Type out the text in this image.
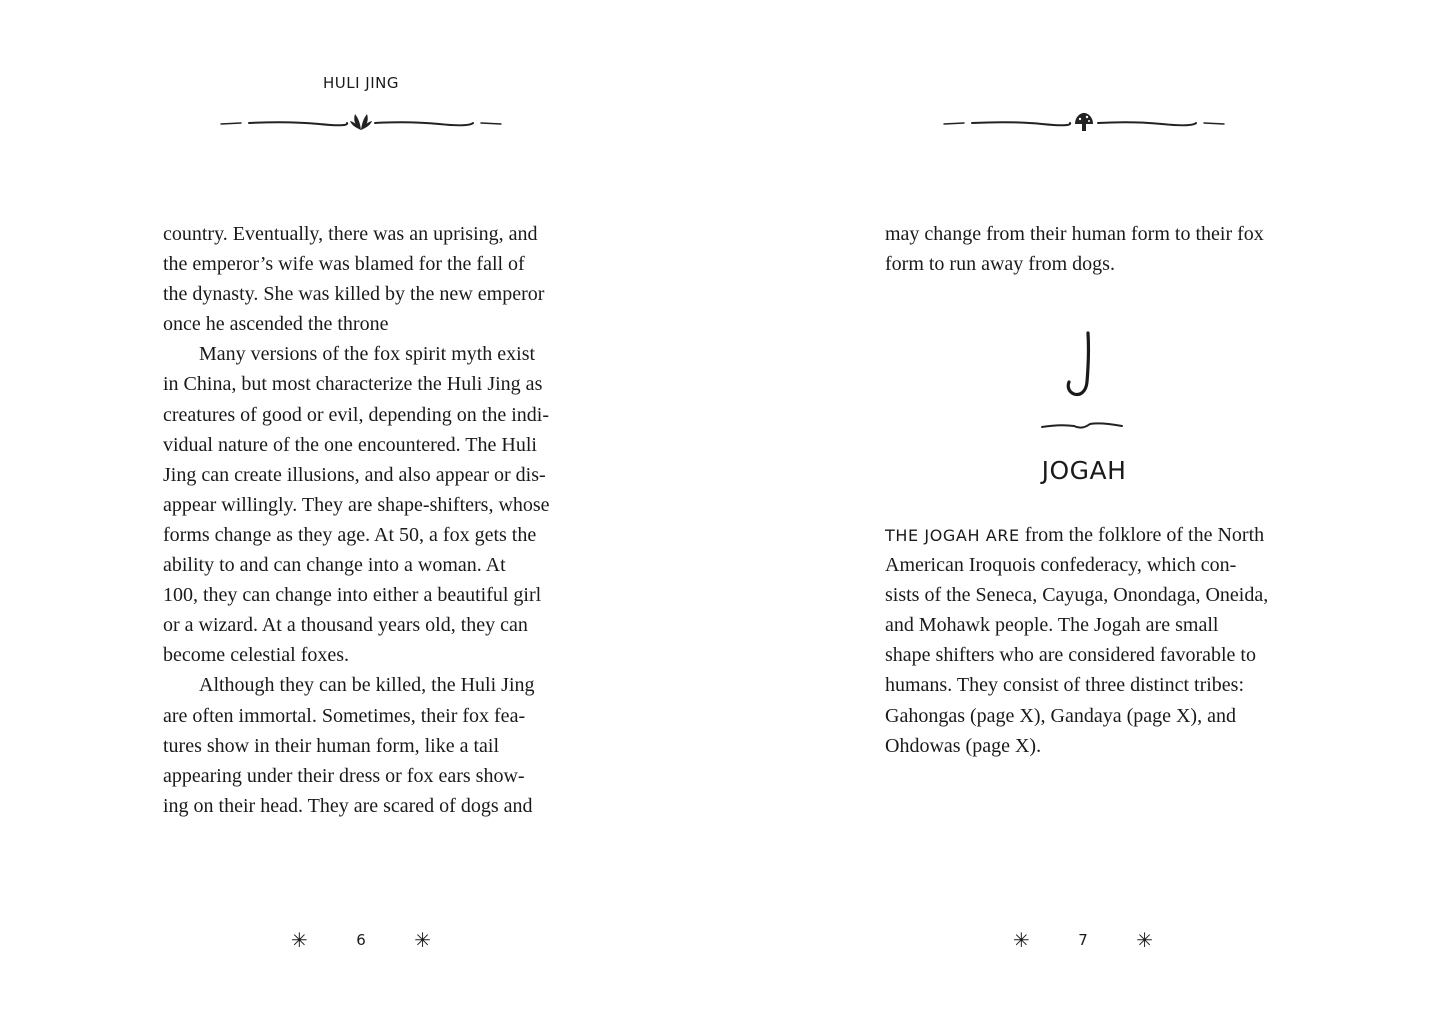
HULI JING
country. Eventually, there was an uprising, and
the emperor’s wife was blamed for the fall of
the dynasty. She was killed by the new emperor
once he ascended the throne
Many versions of the fox spirit myth exist
in China, but most characterize the Huli Jing as
creatures of good or evil, depending on the indi-
vidual nature of the one encountered. The Huli
Jing can create illusions, and also appear or dis-
appear willingly. They are shape-shifters, whose
forms change as they age. At 50, a fox gets the
ability to and can change into a woman. At
100, they can change into either a beautiful girl
or a wizard. At a thousand years old, they can
become celestial foxes.
Although they can be killed, the Huli Jing
are often immortal. Sometimes, their fox fea-
tures show in their human form, like a tail
appearing under their dress or fox ears show-
ing on their head. They are scared of dogs and
✳	6 ✳
may change from their human form to their fox
form to run away from dogs.
JOGAH
THE JOGAH ARE from the folklore of the North
American Iroquois confederacy, which con-
sists of the Seneca, Cayuga, Onondaga, Oneida,
and Mohawk people. The Jogah are small
shape shifters who are considered favorable to
humans. They consist of three distinct tribes:
Gahongas (page X), Gandaya (page X), and
Ohdowas (page X).
✳	7 ✳
